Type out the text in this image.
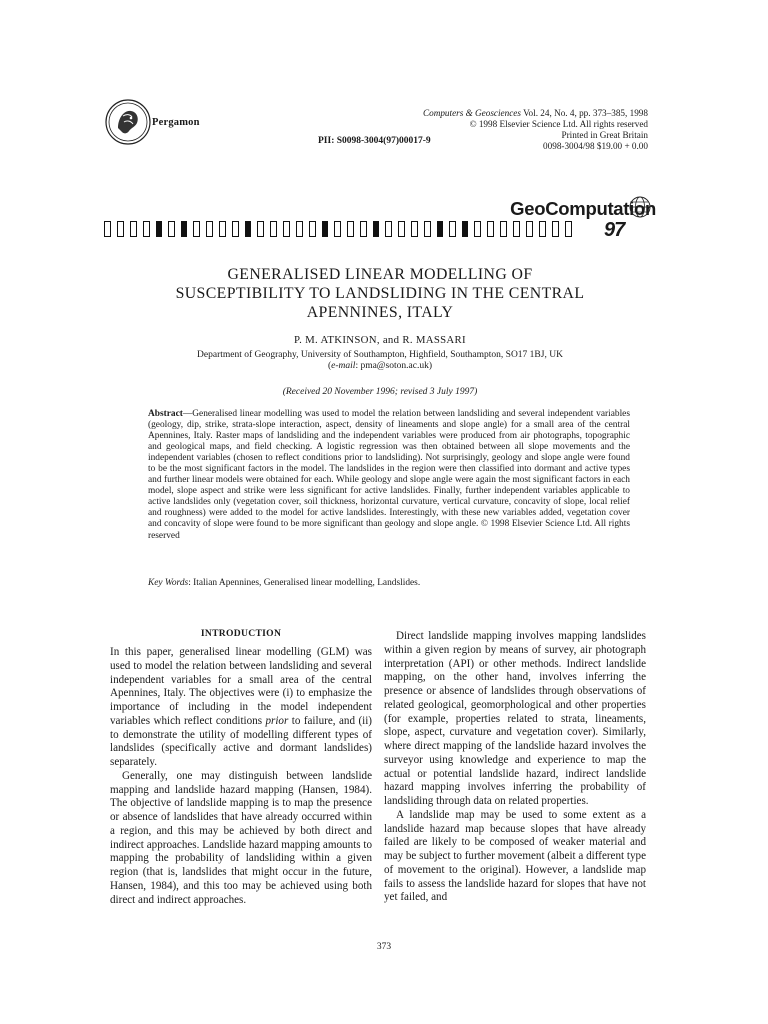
Pergamon
Computers & Geosciences Vol. 24, No. 4, pp. 373–385, 1998
© 1998 Elsevier Science Ltd. All rights reserved
Printed in Great Britain
0098-3004/98 $19.00 + 0.00
PII: S0098-3004(97)00017-9
GeoComputation
97
GENERALISED LINEAR MODELLING OF
SUSCEPTIBILITY TO LANDSLIDING IN THE CENTRAL
APENNINES, ITALY
P. M. ATKINSON, and R. MASSARI
Department of Geography, University of Southampton, Highfield, Southampton, SO17 1BJ, UK
(e-mail: pma@soton.ac.uk)
(Received 20 November 1996; revised 3 July 1997)
Abstract—Generalised linear modelling was used to model the relation between landsliding and several independent variables (geology, dip, strike, strata-slope interaction, aspect, density of lineaments and slope angle) for a small area of the central Apennines, Italy. Raster maps of landsliding and the independent variables were produced from air photographs, topographic and geological maps, and field checking. A logistic regression was then obtained between all slope movements and the independent variables (chosen to reflect conditions prior to landsliding). Not surprisingly, geology and slope angle were found to be the most significant factors in the model. The landslides in the region were then classified into dormant and active types and further linear models were obtained for each. While geology and slope angle were again the most significant factors in each model, slope aspect and strike were less significant for active landslides. Finally, further independent variables applicable to active landslides only (vegetation cover, soil thickness, horizontal curvature, vertical curvature, concavity of slope, local relief and roughness) were added to the model for active landslides. Interestingly, with these new variables added, vegetation cover and concavity of slope were found to be more significant than geology and slope angle. © 1998 Elsevier Science Ltd. All rights reserved
Key Words: Italian Apennines, Generalised linear modelling, Landslides.
INTRODUCTION

In this paper, generalised linear modelling (GLM) was used to model the relation between landsliding and several independent variables for a small area of the central Apennines, Italy. The objectives were (i) to emphasize the importance of including in the model independent variables which reflect conditions prior to failure, and (ii) to demonstrate the utility of modelling different types of landslides (specifically active and dormant landslides) separately.

Generally, one may distinguish between landslide mapping and landslide hazard mapping (Hansen, 1984). The objective of landslide mapping is to map the presence or absence of landslides that have already occurred within a region, and this may be achieved by both direct and indirect approaches. Landslide hazard mapping amounts to mapping the probability of landsliding within a given region (that is, landslides that might occur in the future, Hansen, 1984), and this too may be achieved using both direct and indirect approaches.

Direct landslide mapping involves mapping landslides within a given region by means of survey, air photograph interpretation (API) or other methods. Indirect landslide mapping, on the other hand, involves inferring the presence or absence of landslides through observations of related geological, geomorphological and other properties (for example, properties related to strata, lineaments, slope, aspect, curvature and vegetation cover). Similarly, where direct mapping of the landslide hazard involves the surveyor using knowledge and experience to map the actual or potential landslide hazard, indirect landslide hazard mapping involves inferring the probability of landsliding through data on related properties.

A landslide map may be used to some extent as a landslide hazard map because slopes that have already failed are likely to be composed of weaker material and may be subject to further movement (albeit a different type of movement to the original). However, a landslide map fails to assess the landslide hazard for slopes that have not yet failed, and

373
